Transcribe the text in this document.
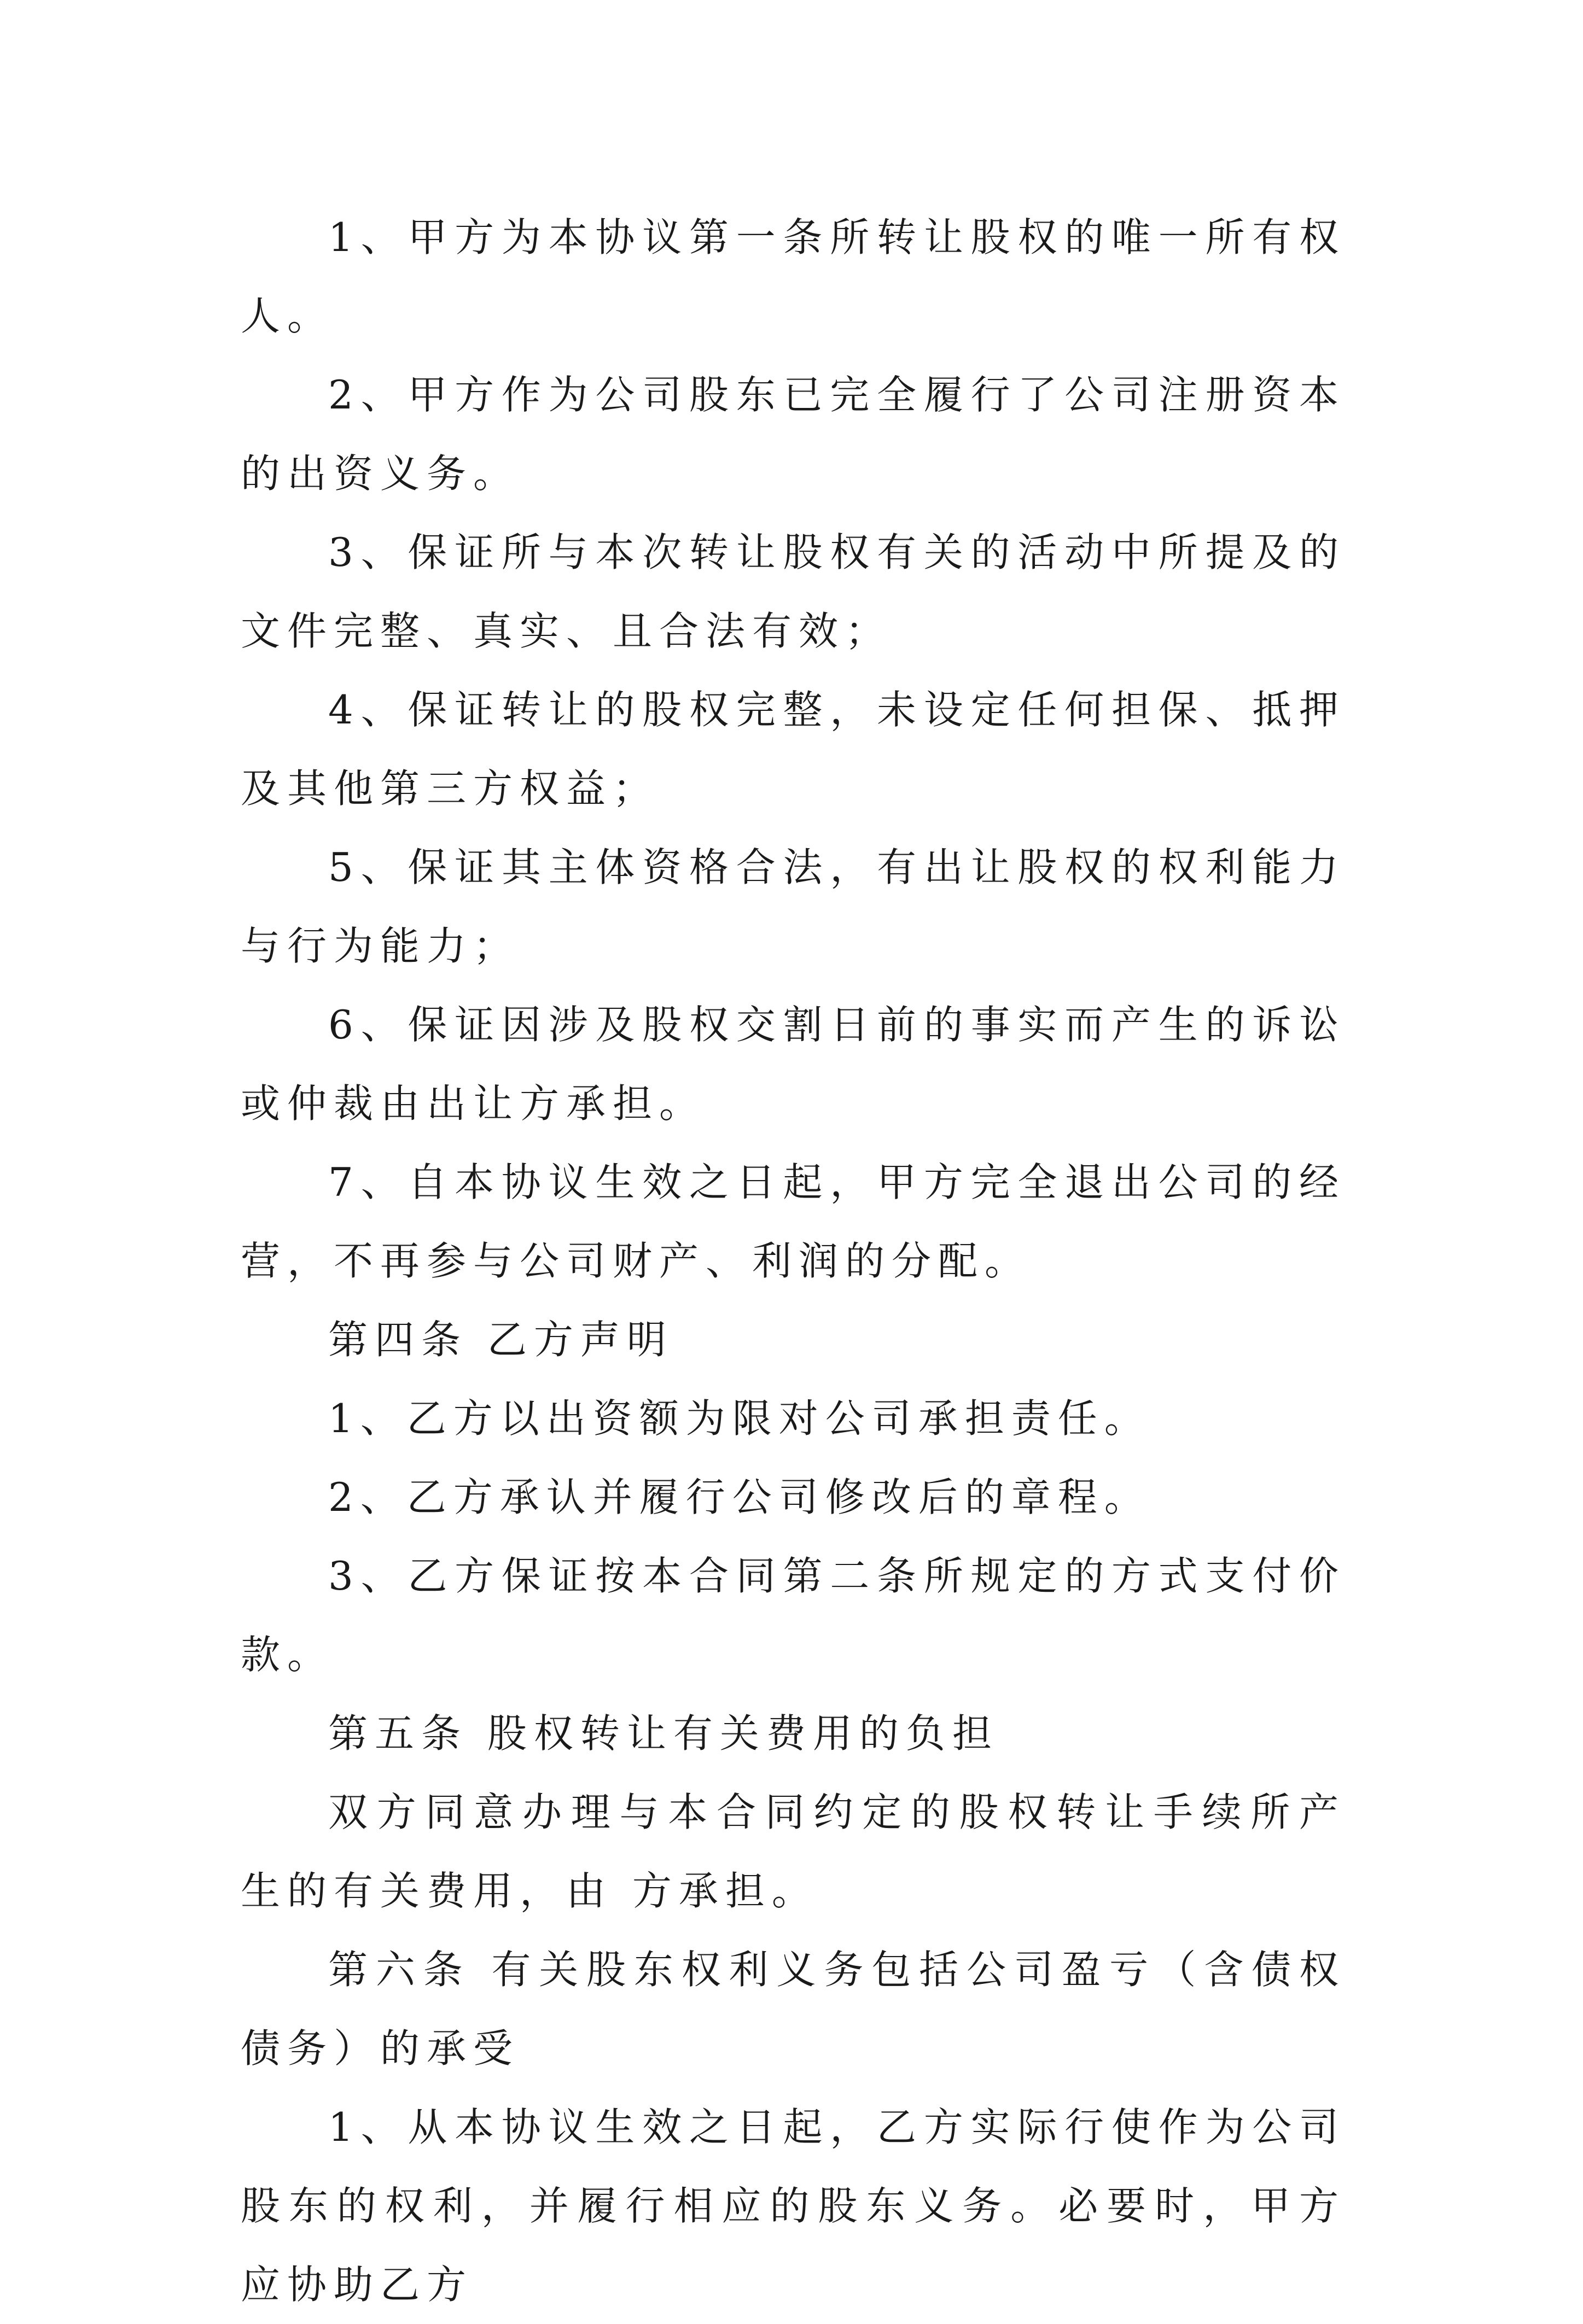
1、甲方为本协议第一条所转让股权的唯一所有权人。

2、甲方作为公司股东已完全履行了公司注册资本的出资义务。

3、保证所与本次转让股权有关的活动中所提及的文件完整、真实、且合法有效；

4、保证转让的股权完整，未设定任何担保、抵押及其他第三方权益；

5、保证其主体资格合法，有出让股权的权利能力与行为能力；

6、保证因涉及股权交割日前的事实而产生的诉讼或仲裁由出让方承担。

7、自本协议生效之日起，甲方完全退出公司的经营，不再参与公司财产、利润的分配。

第四条 乙方声明

1、乙方以出资额为限对公司承担责任。

2、乙方承认并履行公司修改后的章程。

3、乙方保证按本合同第二条所规定的方式支付价款。

第五条 股权转让有关费用的负担

双方同意办理与本合同约定的股权转让手续所产生的有关费用，由 方承担。

第六条 有关股东权利义务包括公司盈亏（含债权债务）的承受

1、从本协议生效之日起，乙方实际行使作为公司股东的权利，并履行相应的股东义务。必要时，甲方应协助乙方
